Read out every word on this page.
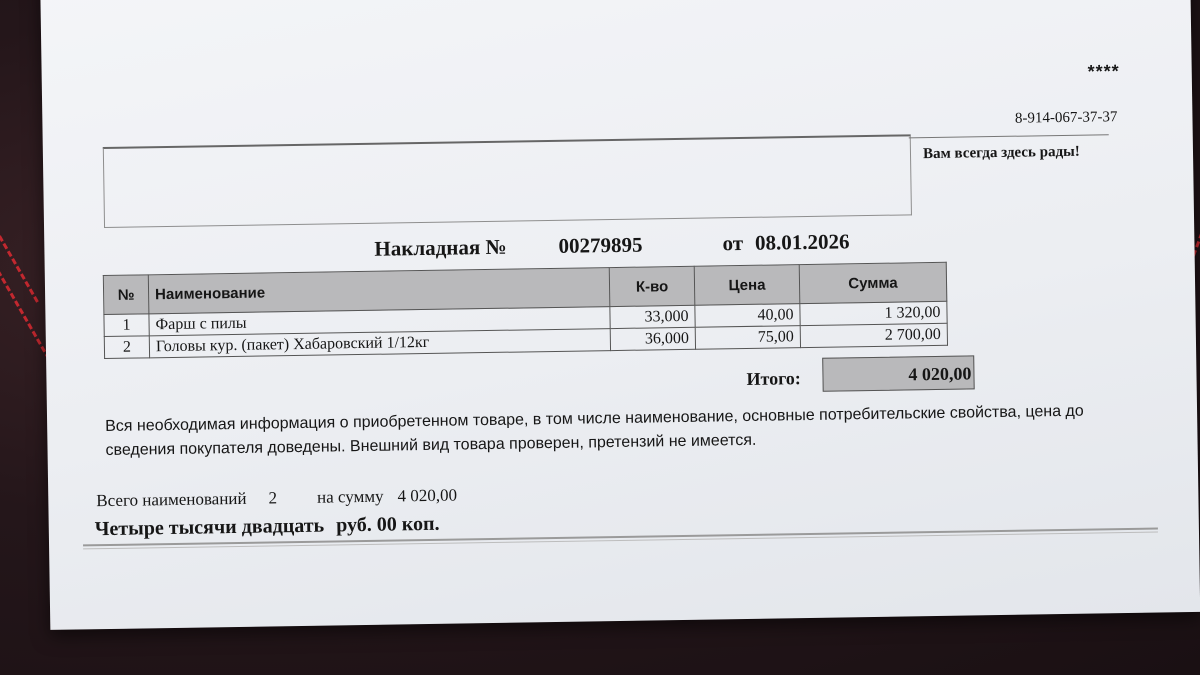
****
8-914-067-37-37
Вам всегда здесь рады!
Накладная № 00279895	от 08.01.2026
№	Наименование	К-во	Цена	Сумма
1	Фарш с пилы	33,000	40,00	1 320,00
2	Головы кур. (пакет) Хабаровский 1/12кг	36,000	75,00	2 700,00
Итого:	4 020,00
Вся необходимая информация о приобретенном товаре, в том числе наименование, основные потребительские свойства, цена до сведения покупателя доведены. Внешний вид товара проверен, претензий не имеется.
Всего наименований 2 на сумму 4 020,00
Четыре тысячи двадцать руб. 00 коп.
